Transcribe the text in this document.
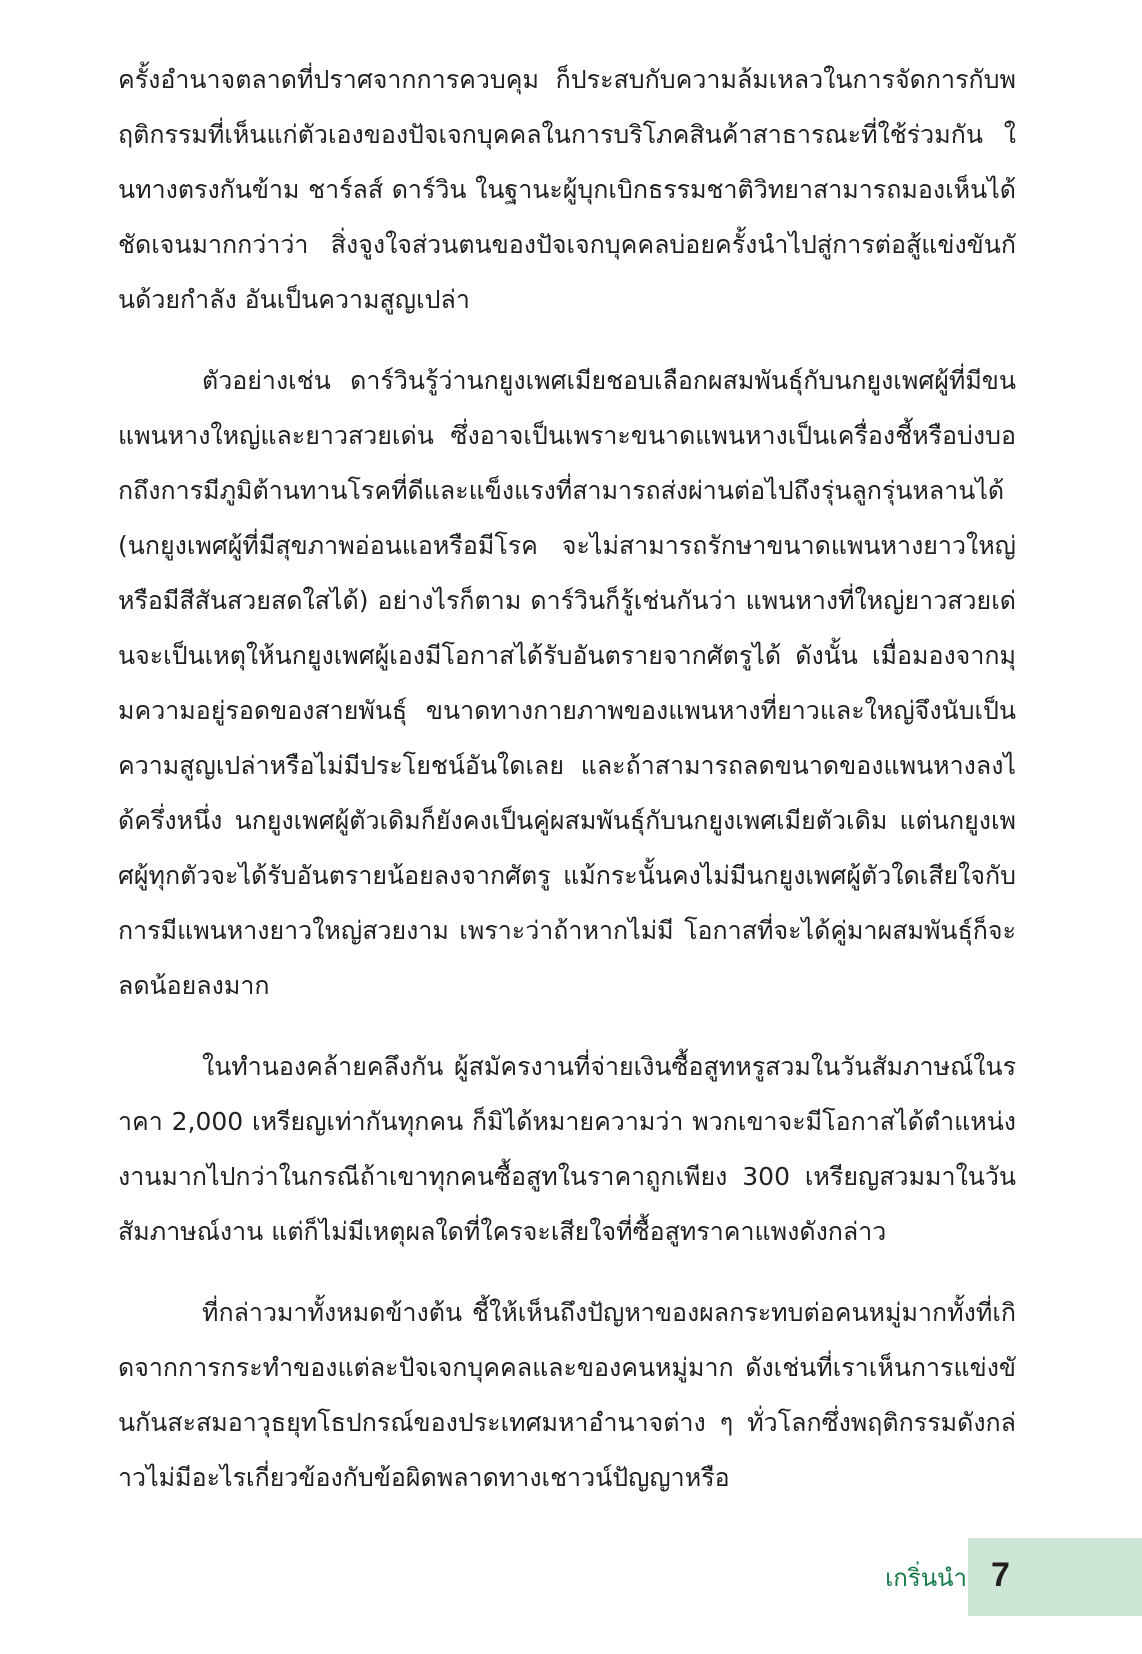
ครั้งอำนาจตลาดที่ปราศจากการควบคุม ก็ประสบกับความล้มเหลวในการจัดการกับพฤติกรรมที่เห็นแก่ตัวเองของปัจเจกบุคคลในการบริโภคสินค้าสาธารณะที่ใช้ร่วมกัน ในทางตรงกันข้าม ชาร์ลส์ ดาร์วิน ในฐานะผู้บุกเบิกธรรมชาติวิทยาสามารถมองเห็นได้ชัดเจนมากกว่าว่า สิ่งจูงใจส่วนตนของปัจเจกบุคคลบ่อยครั้งนำไปสู่การต่อสู้แข่งขันกันด้วยกำลัง อันเป็นความสูญเปล่า

ตัวอย่างเช่น ดาร์วินรู้ว่านกยูงเพศเมียชอบเลือกผสมพันธุ์กับนกยูงเพศผู้ที่มีขนแพนหางใหญ่และยาวสวยเด่น ซึ่งอาจเป็นเพราะขนาดแพนหางเป็นเครื่องชี้หรือบ่งบอกถึงการมีภูมิต้านทานโรคที่ดีและแข็งแรงที่สามารถส่งผ่านต่อไปถึงรุ่นลูกรุ่นหลานได้ (นกยูงเพศผู้ที่มีสุขภาพอ่อนแอหรือมีโรค จะไม่สามารถรักษาขนาดแพนหางยาวใหญ่หรือมีสีสันสวยสดใสได้) อย่างไรก็ตาม ดาร์วินก็รู้เช่นกันว่า แพนหางที่ใหญ่ยาวสวยเด่นจะเป็นเหตุให้นกยูงเพศผู้เองมีโอกาสได้รับอันตรายจากศัตรูได้ ดังนั้น เมื่อมองจากมุมความอยู่รอดของสายพันธุ์ ขนาดทางกายภาพของแพนหางที่ยาวและใหญ่จึงนับเป็นความสูญเปล่าหรือไม่มีประโยชน์อันใดเลย และถ้าสามารถลดขนาดของแพนหางลงได้ครึ่งหนึ่ง นกยูงเพศผู้ตัวเดิมก็ยังคงเป็นคู่ผสมพันธุ์กับนกยูงเพศเมียตัวเดิม แต่นกยูงเพศผู้ทุกตัวจะได้รับอันตรายน้อยลงจากศัตรู แม้กระนั้นคงไม่มีนกยูงเพศผู้ตัวใดเสียใจกับการมีแพนหางยาวใหญ่สวยงาม เพราะว่าถ้าหากไม่มี โอกาสที่จะได้คู่มาผสมพันธุ์ก็จะลดน้อยลงมาก

ในทำนองคล้ายคลึงกัน ผู้สมัครงานที่จ่ายเงินซื้อสูทหรูสวมในวันสัมภาษณ์ในราคา 2,000 เหรียญเท่ากันทุกคน ก็มิได้หมายความว่า พวกเขาจะมีโอกาสได้ตำแหน่งงานมากไปกว่าในกรณีถ้าเขาทุกคนซื้อสูทในราคาถูกเพียง 300 เหรียญสวมมาในวันสัมภาษณ์งาน แต่ก็ไม่มีเหตุผลใดที่ใครจะเสียใจที่ซื้อสูทราคาแพงดังกล่าว

ที่กล่าวมาทั้งหมดข้างต้น ชี้ให้เห็นถึงปัญหาของผลกระทบต่อคนหมู่มากทั้งที่เกิดจากการกระทำของแต่ละปัจเจกบุคคลและของคนหมู่มาก ดังเช่นที่เราเห็นการแข่งขันกันสะสมอาวุธยุทโธปกรณ์ของประเทศมหาอำนาจต่าง ๆ ทั่วโลกซึ่งพฤติกรรมดังกล่าวไม่มีอะไรเกี่ยวข้องกับข้อผิดพลาดทางเชาวน์ปัญญาหรือ

เกริ่นนำ 7
